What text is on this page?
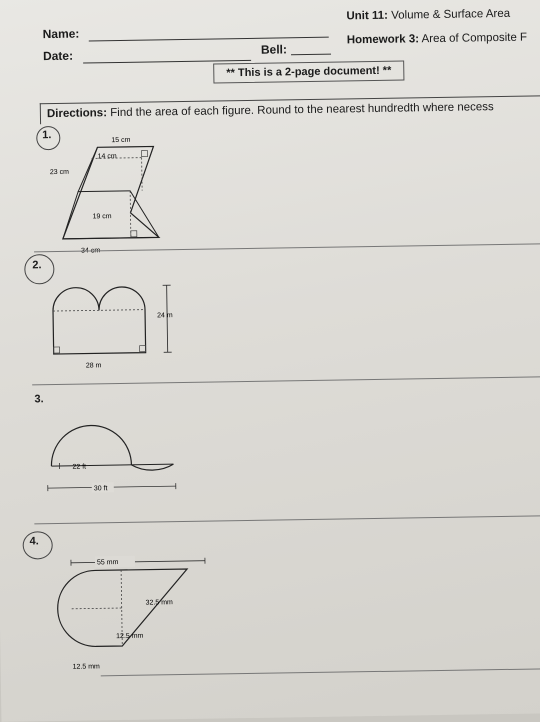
Name:
Date:	Bell:
Unit 11: Volume & Surface Area
Homework 3: Area of Composite F
** This is a 2-page document! **
Directions: Find the area of each figure. Round to the nearest hundredth where necess
1.	15 cm
14 cm
23 cm
19 cm
34 cm
2.
24 m
28 m
3.
22 ft
30 ft
4.
55 mm
32.5 mm
12.5 mm
12.5 mm
